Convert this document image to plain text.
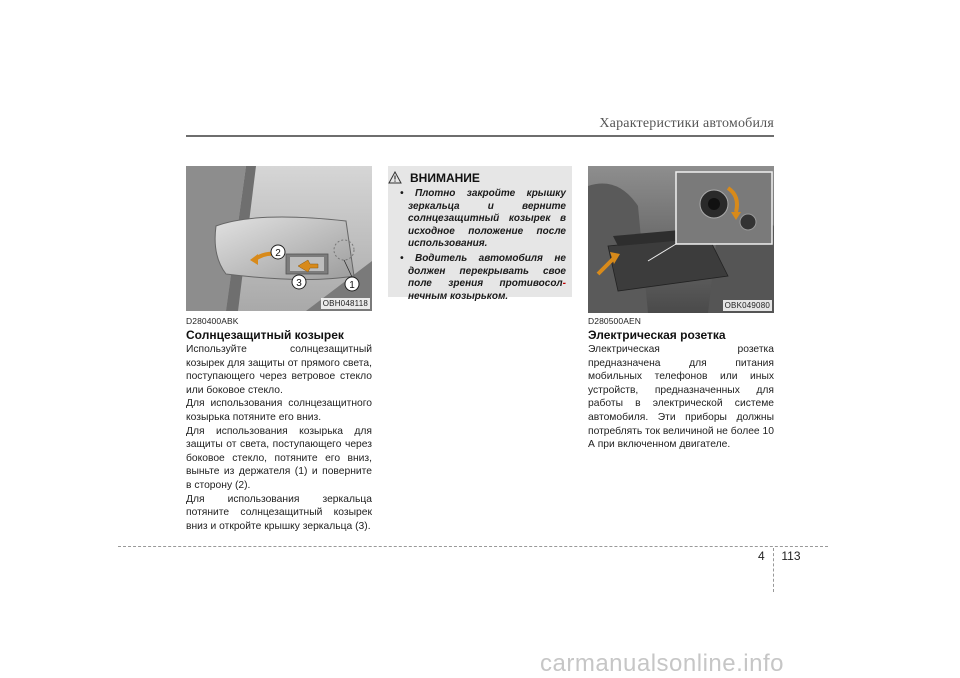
Характеристики автомобиля
2
3	1
OBH048118
D280400ABK
Солнцезащитный козырек

Используйте солнцезащитный козырек для защиты от прямого света, поступающего через ветровое стекло или боковое стекло.

Для использования солнцезащитного козырька потяните его вниз.

Для использования козырька для защиты от света, поступающего через боковое стекло, потяните его вниз, выньте из держателя (1) и поверните в сторону (2).

Для использования зеркальца потяните солнцезащитный козырек вниз и откройте крышку зеркальца (3).

ВНИМАНИЕ
• Плотно закройте крышку зеркальца и верните солнцезащитный козырек в исходное положение после использования.
• Водитель автомобиля не должен перекрывать свое поле зрения противосол-нечным козырьком.
OBK049080
D280500AEN
Электрическая розетка

Электрическая розетка предназначена для питания мобильных телефонов или иных устройств, предназначенных для работы в электрической системе автомобиля. Эти приборы должны потреблять ток величиной не более 10 А при включенном двигателе.

4 113
carmanualsonline.info
